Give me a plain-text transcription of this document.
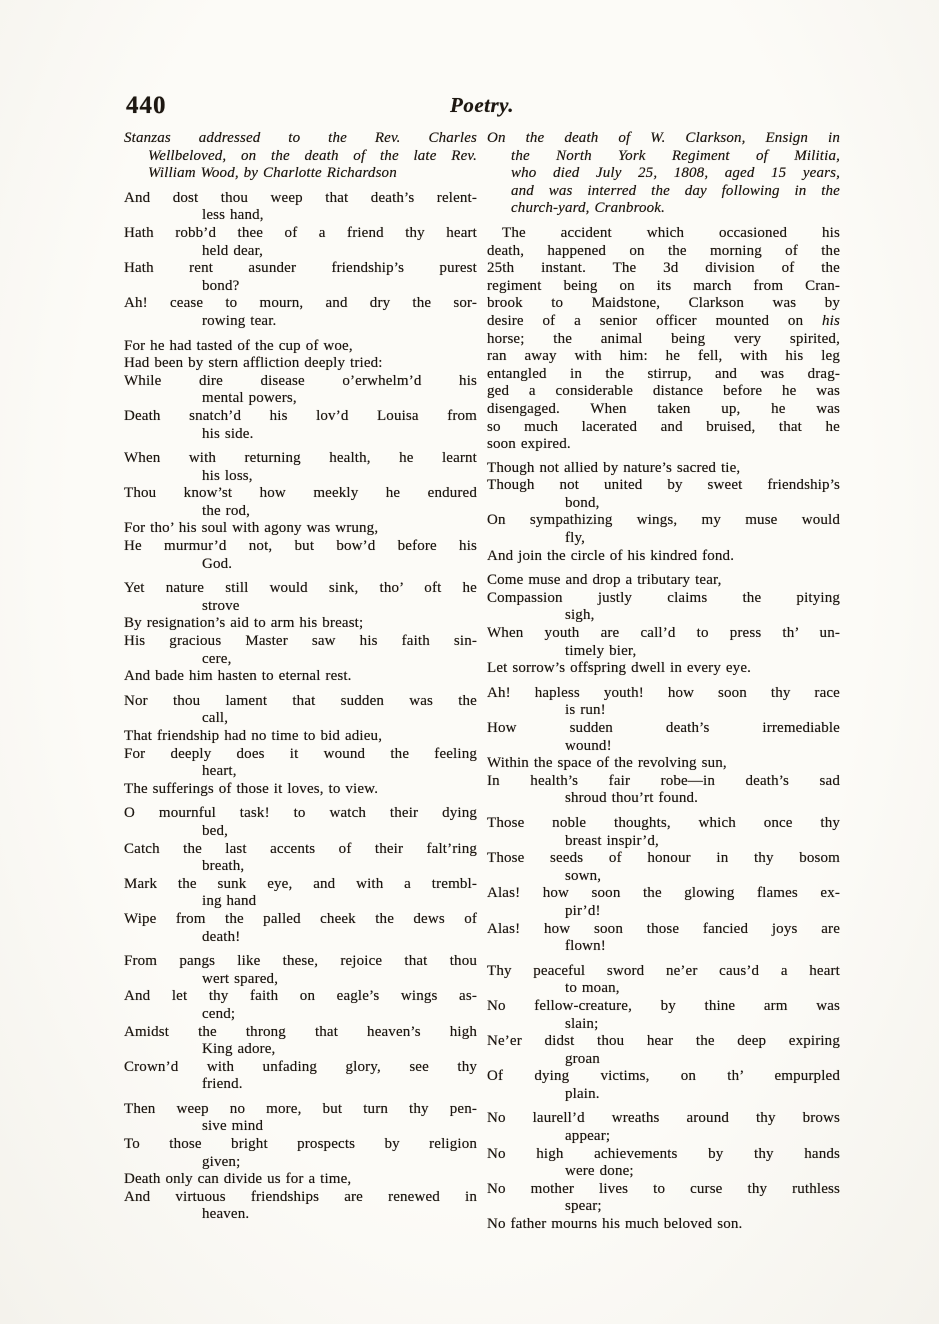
440	Poetry.
Stanzas addressed to the Rev. Charles
Wellbeloved, on the death of the late Rev.
William Wood, by Charlotte Richardson
And dost thou weep that death’s relent-
less hand,
Hath robb’d thee of a friend thy heart
held dear,
Hath rent asunder friendship’s purest
bond?
Ah! cease to mourn, and dry the sor-
rowing tear.
For he had tasted of the cup of woe,
Had been by stern affliction deeply tried:
While dire disease o’erwhelm’d his
mental powers,
Death snatch’d his lov’d Louisa from
his side.
When with returning health, he learnt
his loss,
Thou know’st how meekly he endured
the rod,
For tho’ his soul with agony was wrung,
He murmur’d not, but bow’d before his
God.
Yet nature still would sink, tho’ oft he
strove
By resignation’s aid to arm his breast;
His gracious Master saw his faith sin-
cere,
And bade him hasten to eternal rest.
Nor thou lament that sudden was the
call,
That friendship had no time to bid adieu,
For deeply does it wound the feeling
heart,
The sufferings of those it loves, to view.
O mournful task! to watch their dying
bed,
Catch the last accents of their falt’ring
breath,
Mark the sunk eye, and with a trembl-
ing hand
Wipe from the palled cheek the dews of
death!
From pangs like these, rejoice that thou
wert spared,
And let thy faith on eagle’s wings as-
cend;
Amidst the throng that heaven’s high
King adore,
Crown’d with unfading glory, see thy
friend.
Then weep no more, but turn thy pen-
sive mind
To those bright prospects by religion
given;
Death only can divide us for a time,
And virtuous friendships are renewed in
heaven.
On the death of W. Clarkson, Ensign in
the North York Regiment of Militia,
who died July 25, 1808, aged 15 years,
and was interred the day following in the
church-yard, Cranbrook.
The accident which occasioned his
death, happened on the morning of the
25th instant. The 3d division of the
regiment being on its march from Cran-
brook to Maidstone, Clarkson was by
desire of a senior officer mounted on his
horse; the animal being very spirited,
ran away with him: he fell, with his leg
entangled in the stirrup, and was drag-
ged a considerable distance before he was
disengaged. When taken up, he was
so much lacerated and bruised, that he
soon expired.
Though not allied by nature’s sacred tie,
Though not united by sweet friendship’s
bond,
On sympathizing wings, my muse would
fly,
And join the circle of his kindred fond.
Come muse and drop a tributary tear,
Compassion justly claims the pitying
sigh,
When youth are call’d to press th’ un-
timely bier,
Let sorrow’s offspring dwell in every eye.
Ah! hapless youth! how soon thy race
is run!
How sudden death’s irremediable
wound!
Within the space of the revolving sun,
In health’s fair robe—in death’s sad
shroud thou’rt found.
Those noble thoughts, which once thy
breast inspir’d,
Those seeds of honour in thy bosom
sown,
Alas! how soon the glowing flames ex-
pir’d!
Alas! how soon those fancied joys are
flown!
Thy peaceful sword ne’er caus’d a heart
to moan,
No fellow-creature, by thine arm was
slain;
Ne’er didst thou hear the deep expiring
groan
Of dying victims, on th’ empurpled
plain.
No laurell’d wreaths around thy brows
appear;
No high achievements by thy hands
were done;
No mother lives to curse thy ruthless
spear;
No father mourns his much beloved son.
